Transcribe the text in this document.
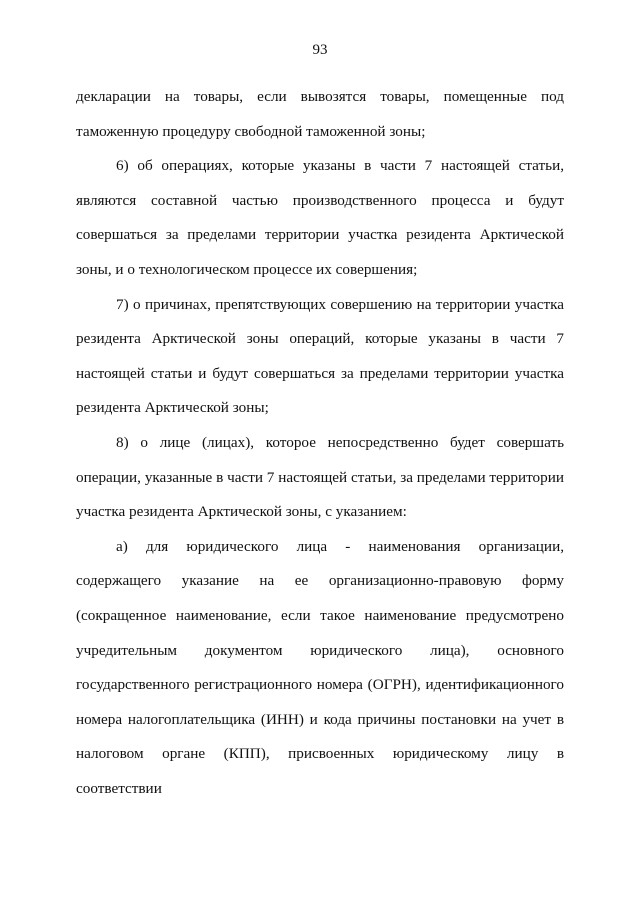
93

декларации на товары, если вывозятся товары, помещенные под таможенную процедуру свободной таможенной зоны;

6) об операциях, которые указаны в части 7 настоящей статьи, являются составной частью производственного процесса и будут совершаться за пределами территории участка резидента Арктической зоны, и о технологическом процессе их совершения;

7) о причинах, препятствующих совершению на территории участка резидента Арктической зоны операций, которые указаны в части 7 настоящей статьи и будут совершаться за пределами территории участка резидента Арктической зоны;

8) о лице (лицах), которое непосредственно будет совершать операции, указанные в части 7 настоящей статьи, за пределами территории участка резидента Арктической зоны, с указанием:

а) для юридического лица - наименования организации, содержащего указание на ее организационно-правовую форму (сокращенное наименование, если такое наименование предусмотрено учредительным документом юридического лица), основного государственного регистрационного номера (ОГРН), идентификационного номера налогоплательщика (ИНН) и кода причины постановки на учет в налоговом органе (КПП), присвоенных юридическому лицу в соответствии
